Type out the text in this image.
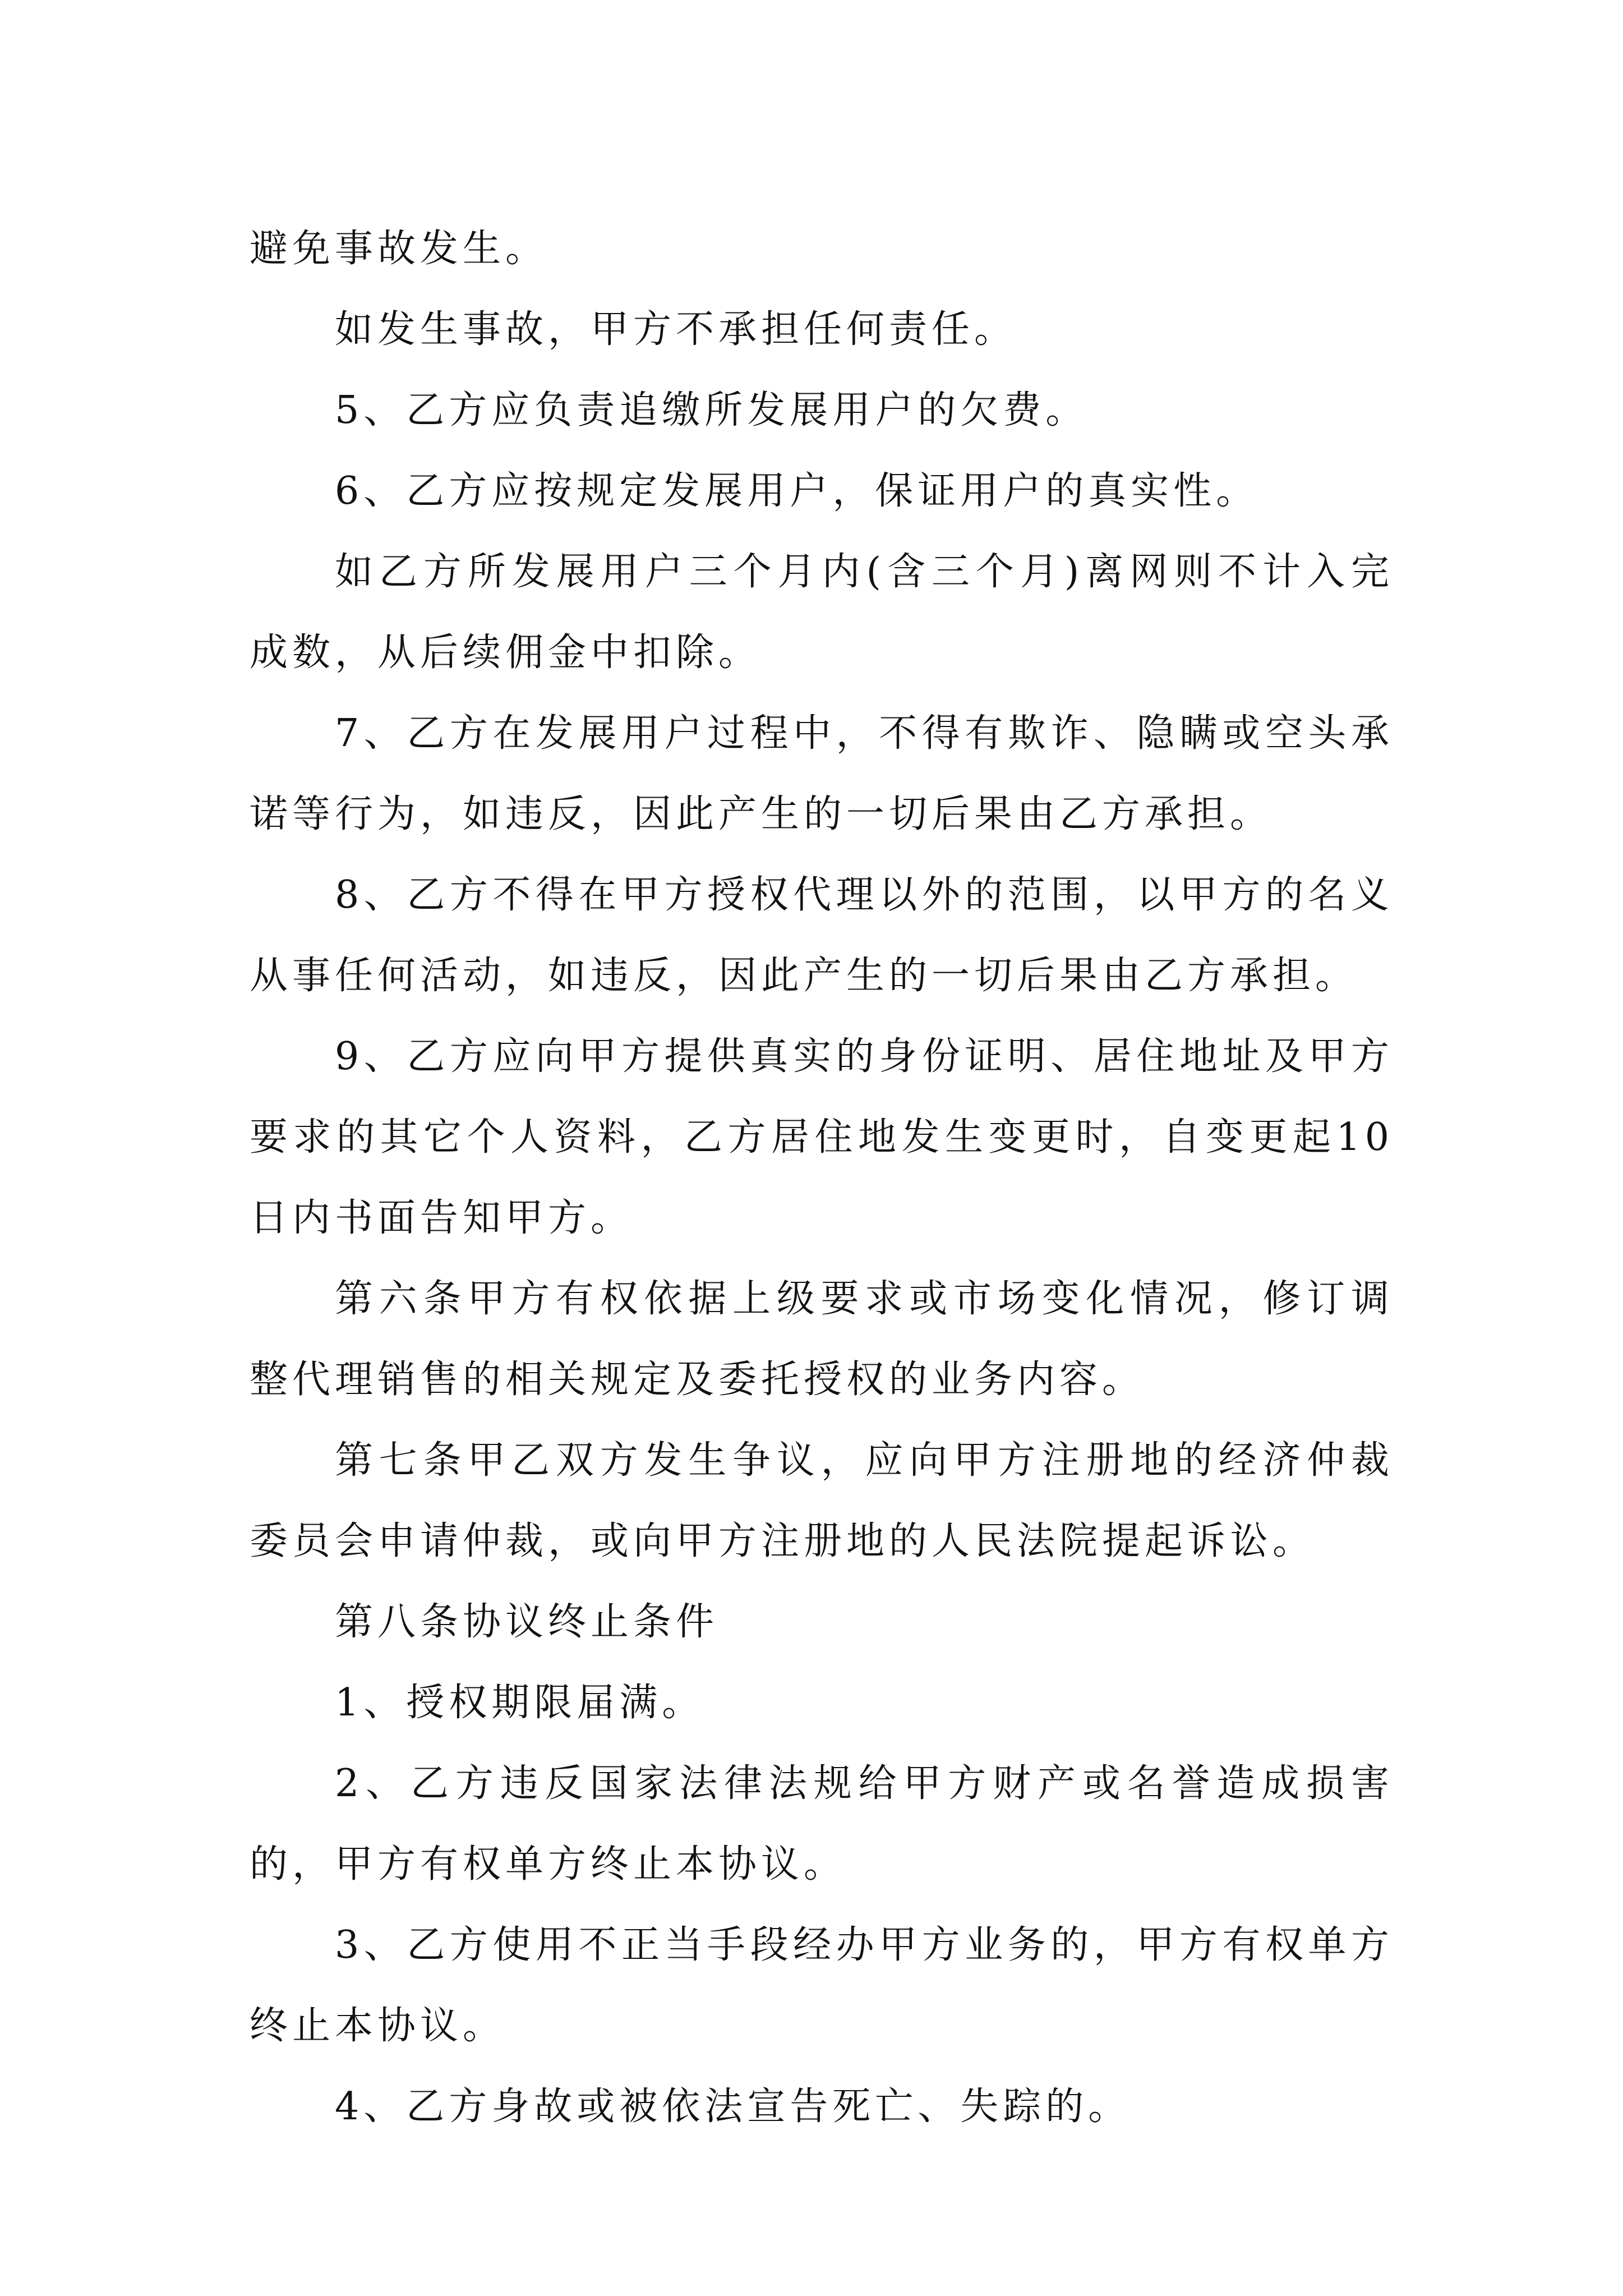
避免事故发生。

如发生事故，甲方不承担任何责任。

5、乙方应负责追缴所发展用户的欠费。

6、乙方应按规定发展用户，保证用户的真实性。

如乙方所发展用户三个月内(含三个月)离网则不计入完成数，从后续佣金中扣除。

7、乙方在发展用户过程中，不得有欺诈、隐瞒或空头承诺等行为，如违反，因此产生的一切后果由乙方承担。

8、乙方不得在甲方授权代理以外的范围，以甲方的名义从事任何活动，如违反，因此产生的一切后果由乙方承担。

9、乙方应向甲方提供真实的身份证明、居住地址及甲方要求的其它个人资料，乙方居住地发生变更时，自变更起10日内书面告知甲方。

第六条甲方有权依据上级要求或市场变化情况，修订调整代理销售的相关规定及委托授权的业务内容。

第七条甲乙双方发生争议，应向甲方注册地的经济仲裁委员会申请仲裁，或向甲方注册地的人民法院提起诉讼。

第八条协议终止条件

1、授权期限届满。

2、乙方违反国家法律法规给甲方财产或名誉造成损害的，甲方有权单方终止本协议。

3、乙方使用不正当手段经办甲方业务的，甲方有权单方终止本协议。

4、乙方身故或被依法宣告死亡、失踪的。
